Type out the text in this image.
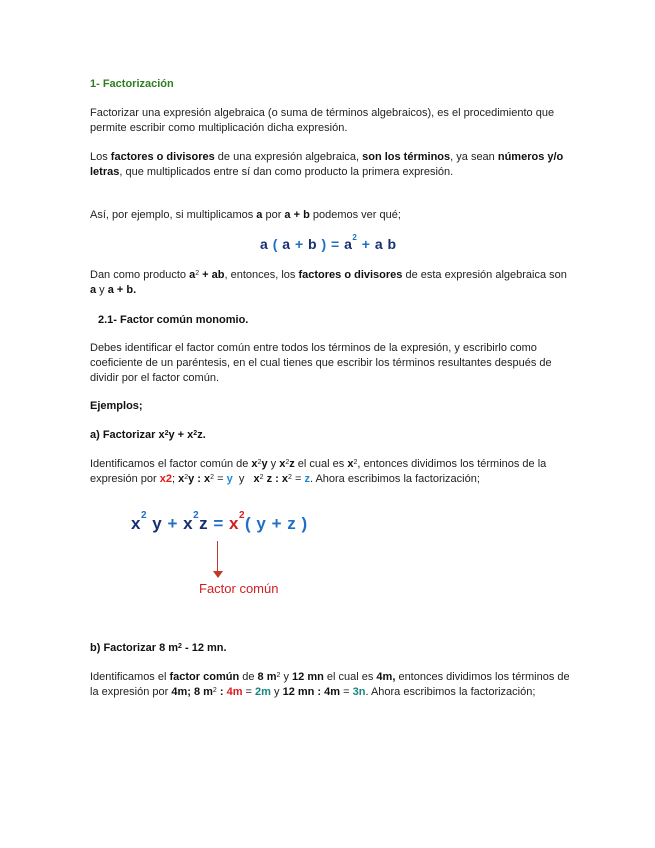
1- Factorización
Factorizar una expresión algebraica (o suma de términos algebraicos), es el procedimiento que permite escribir como multiplicación dicha expresión.
Los factores o divisores de una expresión algebraica, son los términos, ya sean números y/o letras, que multiplicados entre sí dan como producto la primera expresión.
Así, por ejemplo, si multiplicamos a por a + b podemos ver qué;
a ( a + b ) = $a^2 + a$ b
Dan como producto $a^2$ + ab, entonces, los factores o divisores de esta expresión algebraica son a y a + b.
2.1- Factor común monomio.
Debes identificar el factor común entre todos los términos de la expresión, y escribirlo como coeficiente de un paréntesis, en el cual tienes que escribir los términos resultantes después de dividir por el factor común.
Ejemplos;
a) Factorizar $x^2y + x^2z$.
Identificamos el factor común de $x^2y$ y $x^2z$ el cual es $x^2$, entonces dividimos los términos de la expresión por x2; $x^2y$ : $x^2 = y$  y   $x^2$ z : $x^2 = z$. Ahora escribimos la factorización;
$x^2$ $y + x^2z = x^2$( y + z )
Factor común
b) Factorizar 8 $m^2 - 12$ mn.
Identificamos el factor común de 8 $m^2$ y 12 mn el cual es 4m, entonces dividimos los términos de la expresión por 4m; 8 $m^2$ : 4m = 2m y 12 mn : 4m = 3n. Ahora escribimos la factorización;
